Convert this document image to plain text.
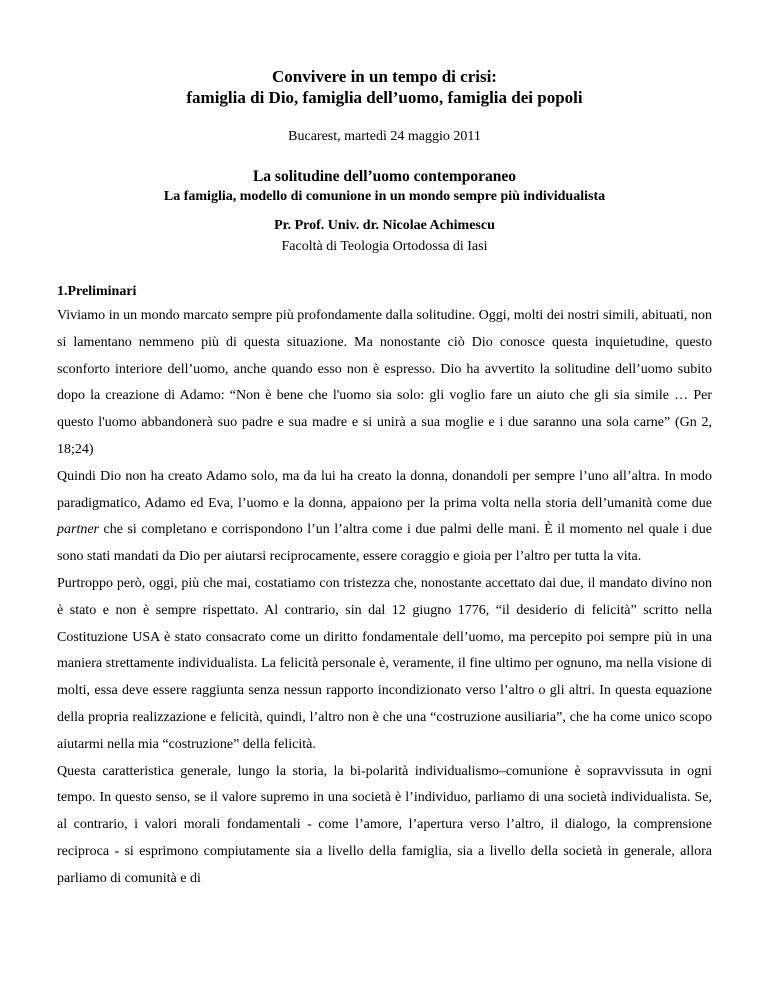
Convivere in un tempo di crisi:
famiglia di Dio, famiglia dell’uomo, famiglia dei popoli
Bucarest, martedì 24 maggio 2011
La solitudine dell’uomo contemporaneo
La famiglia, modello di comunione in un mondo sempre più individualista
Pr. Prof. Univ. dr. Nicolae Achimescu
Facoltà di Teologia Ortodossa di Iasi
1.Preliminari

Viviamo in un mondo marcato sempre più profondamente dalla solitudine. Oggi, molti dei nostri simili, abituati, non si lamentano nemmeno più di questa situazione. Ma nonostante ciò Dio conosce questa inquietudine, questo sconforto interiore dell’uomo, anche quando esso non è espresso. Dio ha avvertito la solitudine dell’uomo subito dopo la creazione di Adamo: “Non è bene che l'uomo sia solo: gli voglio fare un aiuto che gli sia simile … Per questo l'uomo abbandonerà suo padre e sua madre e si unirà a sua moglie e i due saranno una sola carne” (Gn 2, 18;24)

Quindi Dio non ha creato Adamo solo, ma da lui ha creato la donna, donandoli per sempre l’uno all’altra. In modo paradigmatico, Adamo ed Eva, l’uomo e la donna, appaiono per la prima volta nella storia dell’umanità come due partner che si completano e corrispondono l’un l’altra come i due palmi delle mani. È il momento nel quale i due sono stati mandati da Dio per aiutarsi reciprocamente, essere coraggio e gioia per l’altro per tutta la vita.

Purtroppo però, oggi, più che mai, costatiamo con tristezza che, nonostante accettato dai due, il mandato divino non è stato e non è sempre rispettato. Al contrario, sin dal 12 giugno 1776, “il desiderio di felicità” scritto nella Costituzione USA è stato consacrato come un diritto fondamentale dell’uomo, ma percepito poi sempre più in una maniera strettamente individualista. La felicità personale è, veramente, il fine ultimo per ognuno, ma nella visione di molti, essa deve essere raggiunta senza nessun rapporto incondizionato verso l’altro o gli altri. In questa equazione della propria realizzazione e felicità, quindi, l’altro non è che una “costruzione ausiliaria”, che ha come unico scopo aiutarmi nella mia “costruzione” della felicità.

Questa caratteristica generale, lungo la storia, la bi-polarità individualismo–comunione è sopravvissuta in ogni tempo. In questo senso, se il valore supremo in una società è l’individuo, parliamo di una società individualista. Se, al contrario, i valori morali fondamentali - come l’amore, l’apertura verso l’altro, il dialogo, la comprensione reciproca - si esprimono compiutamente sia a livello della famiglia, sia a livello della società in generale, allora parliamo di comunità e di
